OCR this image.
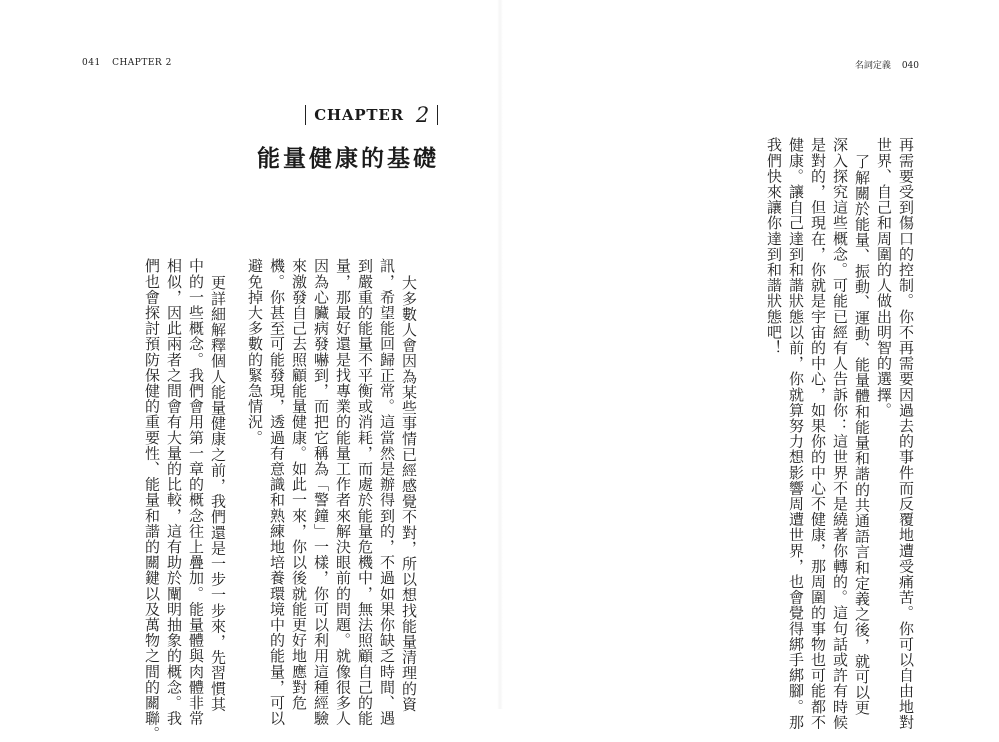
041 CHAPTER 2	名詞定義 040
CHAPTER 2
能量健康的基礎	再需要受到傷口的控制。你不再需要因過去的事件而反覆地遭受痛苦。你可以自由地對
世界、自己和周圍的人做出明智的選擇。
了解關於能量、振動、運動、能量體和能量和諧的共通語言和定義之後，就可以更
深入探究這些概念。可能已經有人告訴你：這世界不是繞著你轉的。這句話或許有時候
是對的，但現在，你就是宇宙的中心，如果你的中心不健康，那周圍的事物也可能都不
健康。讓自己達到和諧狀態以前，你就算努力想影響周遭世界，也會覺得綁手綁腳。那
我們快來讓你達到和諧狀態吧！
大多數人會因為某些事情已經感覺不對，所以想找能量清理的資
訊，希望能回歸正常。這當然是辦得到的，不過如果你缺乏時間、遇
到嚴重的能量不平衡或消耗，而處於能量危機中，無法照顧自己的能
量，那最好還是找專業的能量工作者來解決眼前的問題。就像很多人
因為心臟病發嚇到，而把它稱為「警鐘」一樣，你可以利用這種經驗
來激發自己去照顧能量健康。如此一來，你以後就能更好地應對危
機。你甚至可能發現，透過有意識和熟練地培養環境中的能量，可以
避免掉大多數的緊急情況。
更詳細解釋個人能量健康之前，我們還是一步一步來，先習慣其
中的一些概念。我們會用第一章的概念往上疊加。能量體與肉體非常
相似，因此兩者之間會有大量的比較，這有助於闡明抽象的概念。我
們也會探討預防保健的重要性、能量和諧的關鍵以及萬物之間的關聯。
